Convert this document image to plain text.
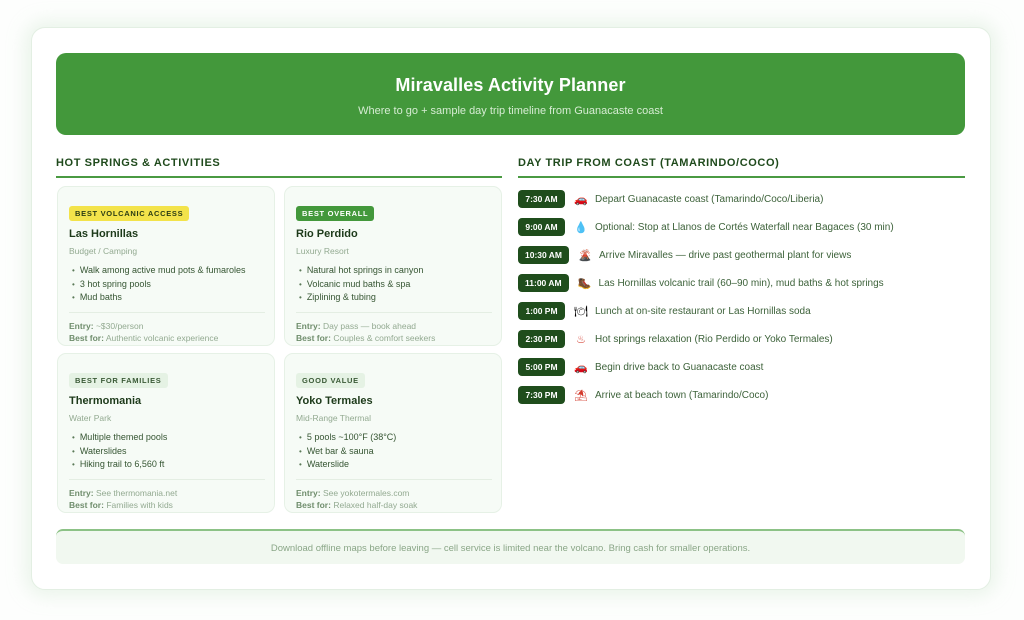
Miravalles Activity Planner
Where to go + sample day trip timeline from Guanacaste coast
HOT SPRINGS & ACTIVITIES	DAY TRIP FROM COAST (TAMARINDO/COCO)
BEST VOLCANIC ACCESS
Las Hornillas
Budget / Camping
• Walk among active mud pots & fumaroles
• 3 hot spring pools
• Mud baths
Entry: ~$30/person
Best for: Authentic volcanic experience
BEST OVERALL
Rio Perdido
Luxury Resort
• Natural hot springs in canyon
• Volcanic mud baths & spa
• Ziplining & tubing
Entry: Day pass — book ahead
Best for: Couples & comfort seekers
BEST FOR FAMILIES
Thermomania
Water Park
• Multiple themed pools
• Waterslides
• Hiking trail to 6,560 ft
Entry: See thermomania.net
Best for: Families with kids
GOOD VALUE
Yoko Termales
Mid-Range Thermal
• 5 pools ~100°F (38°C)
• Wet bar & sauna
• Waterslide
Entry: See yokotermales.com
Best for: Relaxed half-day soak
7:30 AM	🚗 Depart Guanacaste coast (Tamarindo/Coco/Liberia)
9:00 AM	💧 Optional: Stop at Llanos de Cortés Waterfall near Bagaces (30 min)
10:30 AM	🌋 Arrive Miravalles — drive past geothermal plant for views
11:00 AM	🥾 Las Hornillas volcanic trail (60–90 min), mud baths & hot springs
1:00 PM	🍽 Lunch at on-site restaurant or Las Hornillas soda
2:30 PM	♨ Hot springs relaxation (Rio Perdido or Yoko Termales)
5:00 PM	🚗 Begin drive back to Guanacaste coast
7:30 PM	⛱ Arrive at beach town (Tamarindo/Coco)
Download offline maps before leaving — cell service is limited near the volcano. Bring cash for smaller operations.
